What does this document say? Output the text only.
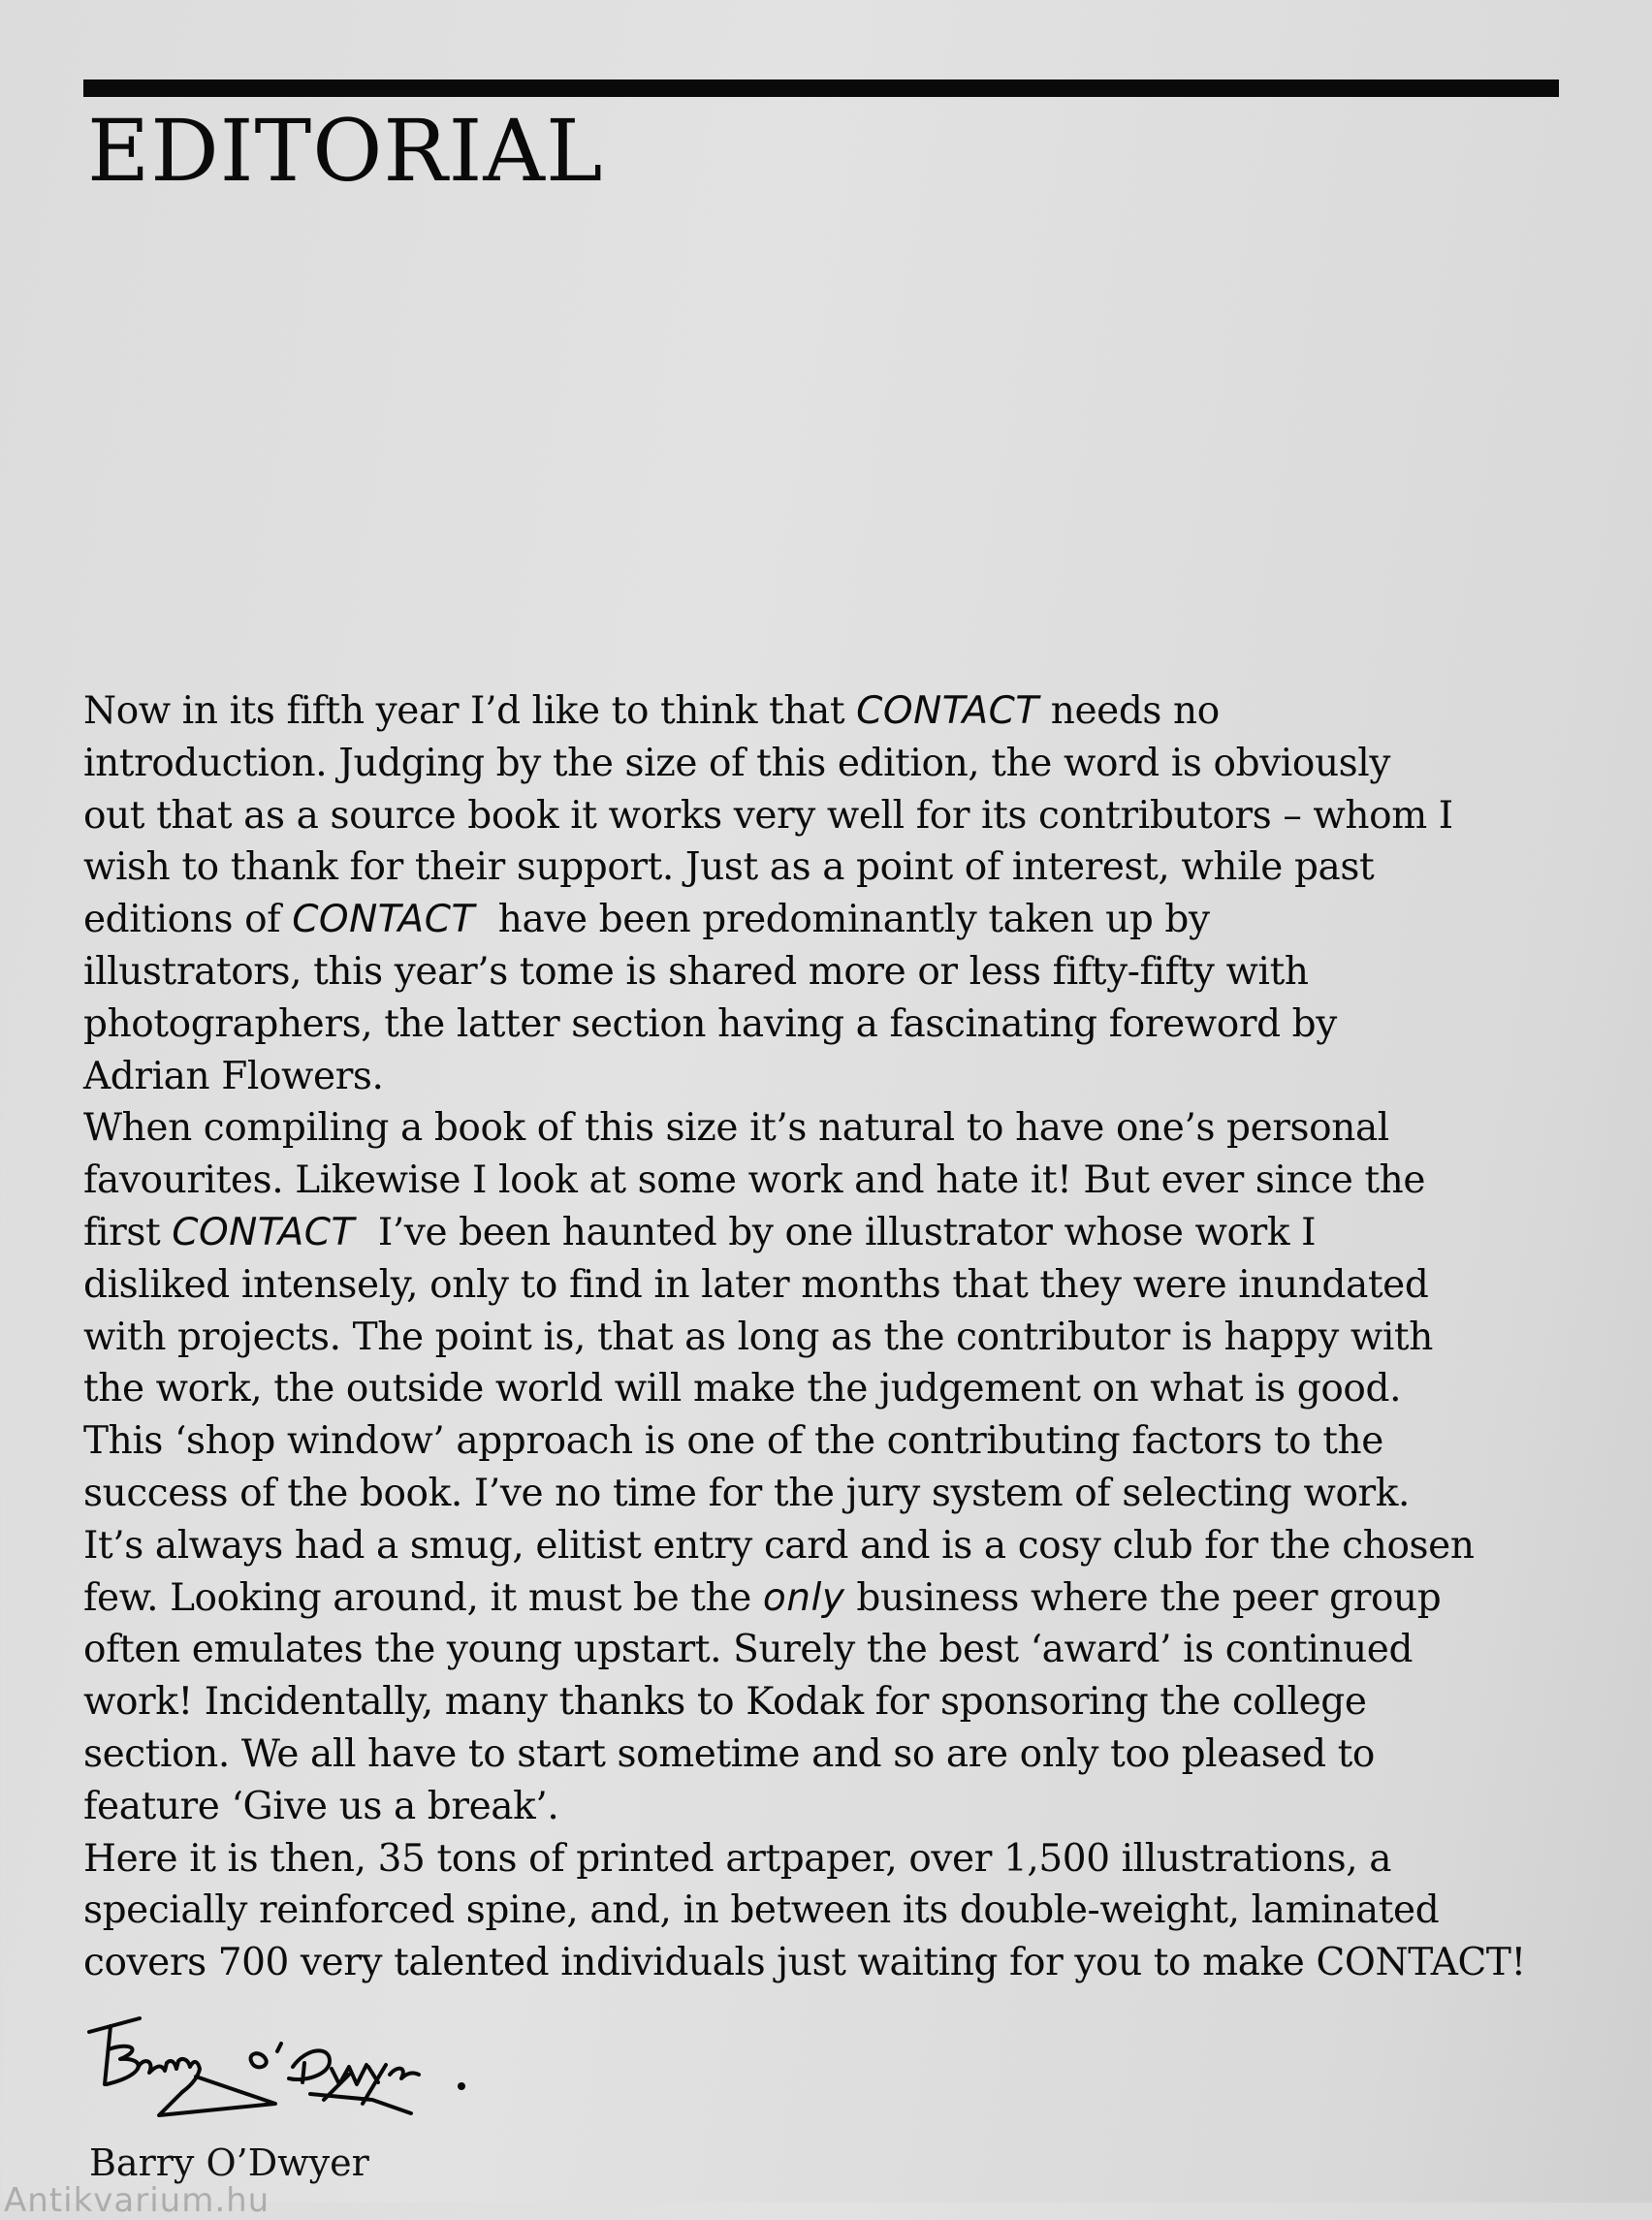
EDITORIAL
Now in its fifth year I’d like to think that CONTACT needs no
introduction. Judging by the size of this edition, the word is obviously
out that as a source book it works very well for its contributors – whom I
wish to thank for their support. Just as a point of interest, while past
editions of CONTACT  have been predominantly taken up by
illustrators, this year’s tome is shared more or less fifty-fifty with
photographers, the latter section having a fascinating foreword by
Adrian Flowers.
When compiling a book of this size it’s natural to have one’s personal
favourites. Likewise I look at some work and hate it! But ever since the
first CONTACT  I’ve been haunted by one illustrator whose work I
disliked intensely, only to find in later months that they were inundated
with projects. The point is, that as long as the contributor is happy with
the work, the outside world will make the judgement on what is good.
This ‘shop window’ approach is one of the contributing factors to the
success of the book. I’ve no time for the jury system of selecting work.
It’s always had a smug, elitist entry card and is a cosy club for the chosen
few. Looking around, it must be the only business where the peer group
often emulates the young upstart. Surely the best ‘award’ is continued
work! Incidentally, many thanks to Kodak for sponsoring the college
section. We all have to start sometime and so are only too pleased to
feature ‘Give us a break’.
Here it is then, 35 tons of printed artpaper, over 1,500 illustrations, a
specially reinforced spine, and, in between its double-weight, laminated
covers 700 very talented individuals just waiting for you to make CONTACT!

Barry O’Dwyer

Antikvarium.hu
